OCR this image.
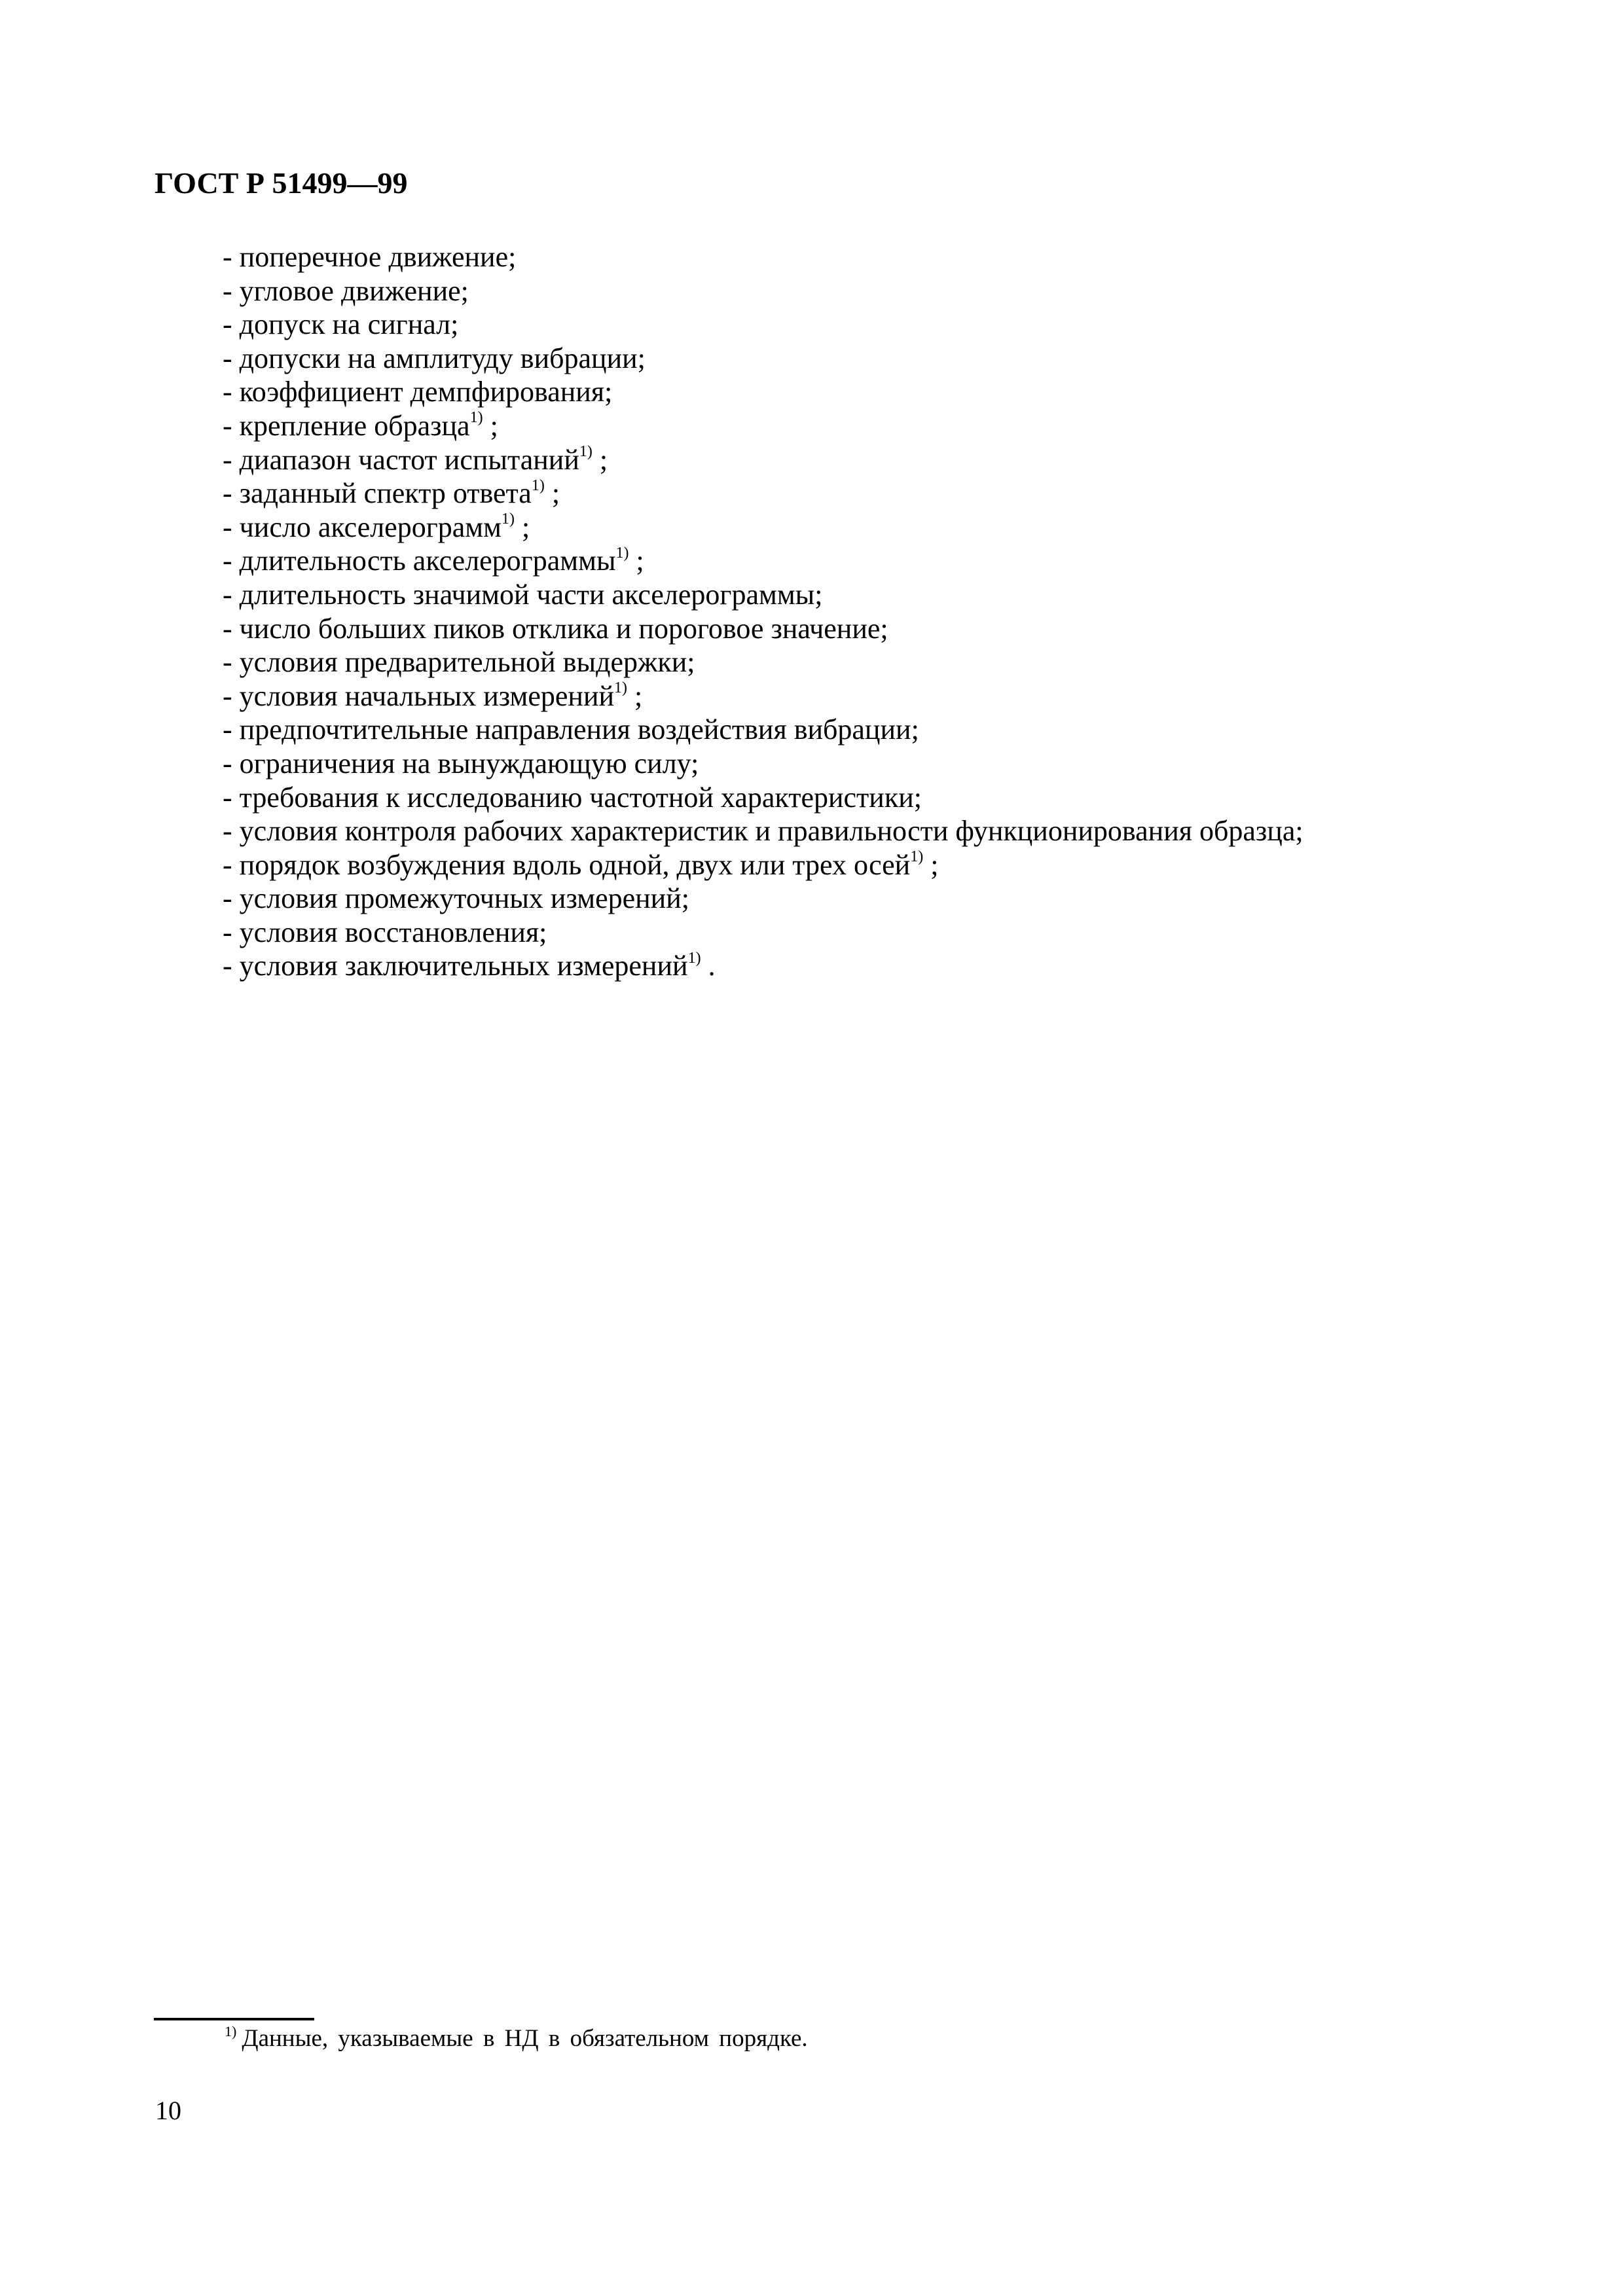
ГОСТ Р 51499—99
- поперечное движение;
- угловое движение;
- допуск на сигнал;
- допуски на амплитуду вибрации;
- коэффициент демпфирования;
- крепление образца$^{1)}$ ;
- диапазон частот испытаний$^{1)}$ ;
- заданный спектр ответа$^{1)}$ ;
- число акселерограмм$^{1)}$ ;
- длительность акселерограммы$^{1)}$ ;
- длительность значимой части акселерограммы;
- число больших пиков отклика и пороговое значение;
- условия предварительной выдержки;
- условия начальных измерений$^{1)}$ ;
- предпочтительные направления воздействия вибрации;
- ограничения на вынуждающую силу;
- требования к исследованию частотной характеристики;
- условия контроля рабочих характеристик и правильности функционирования образца;
- порядок возбуждения вдоль одной, двух или трех осей$^{1)}$ ;
- условия промежуточных измерений;
- условия восстановления;
- условия заключительных измерений$^{1)}$ .
$^{1)}$ Данные, указываемые в НД в обязательном порядке.
10
